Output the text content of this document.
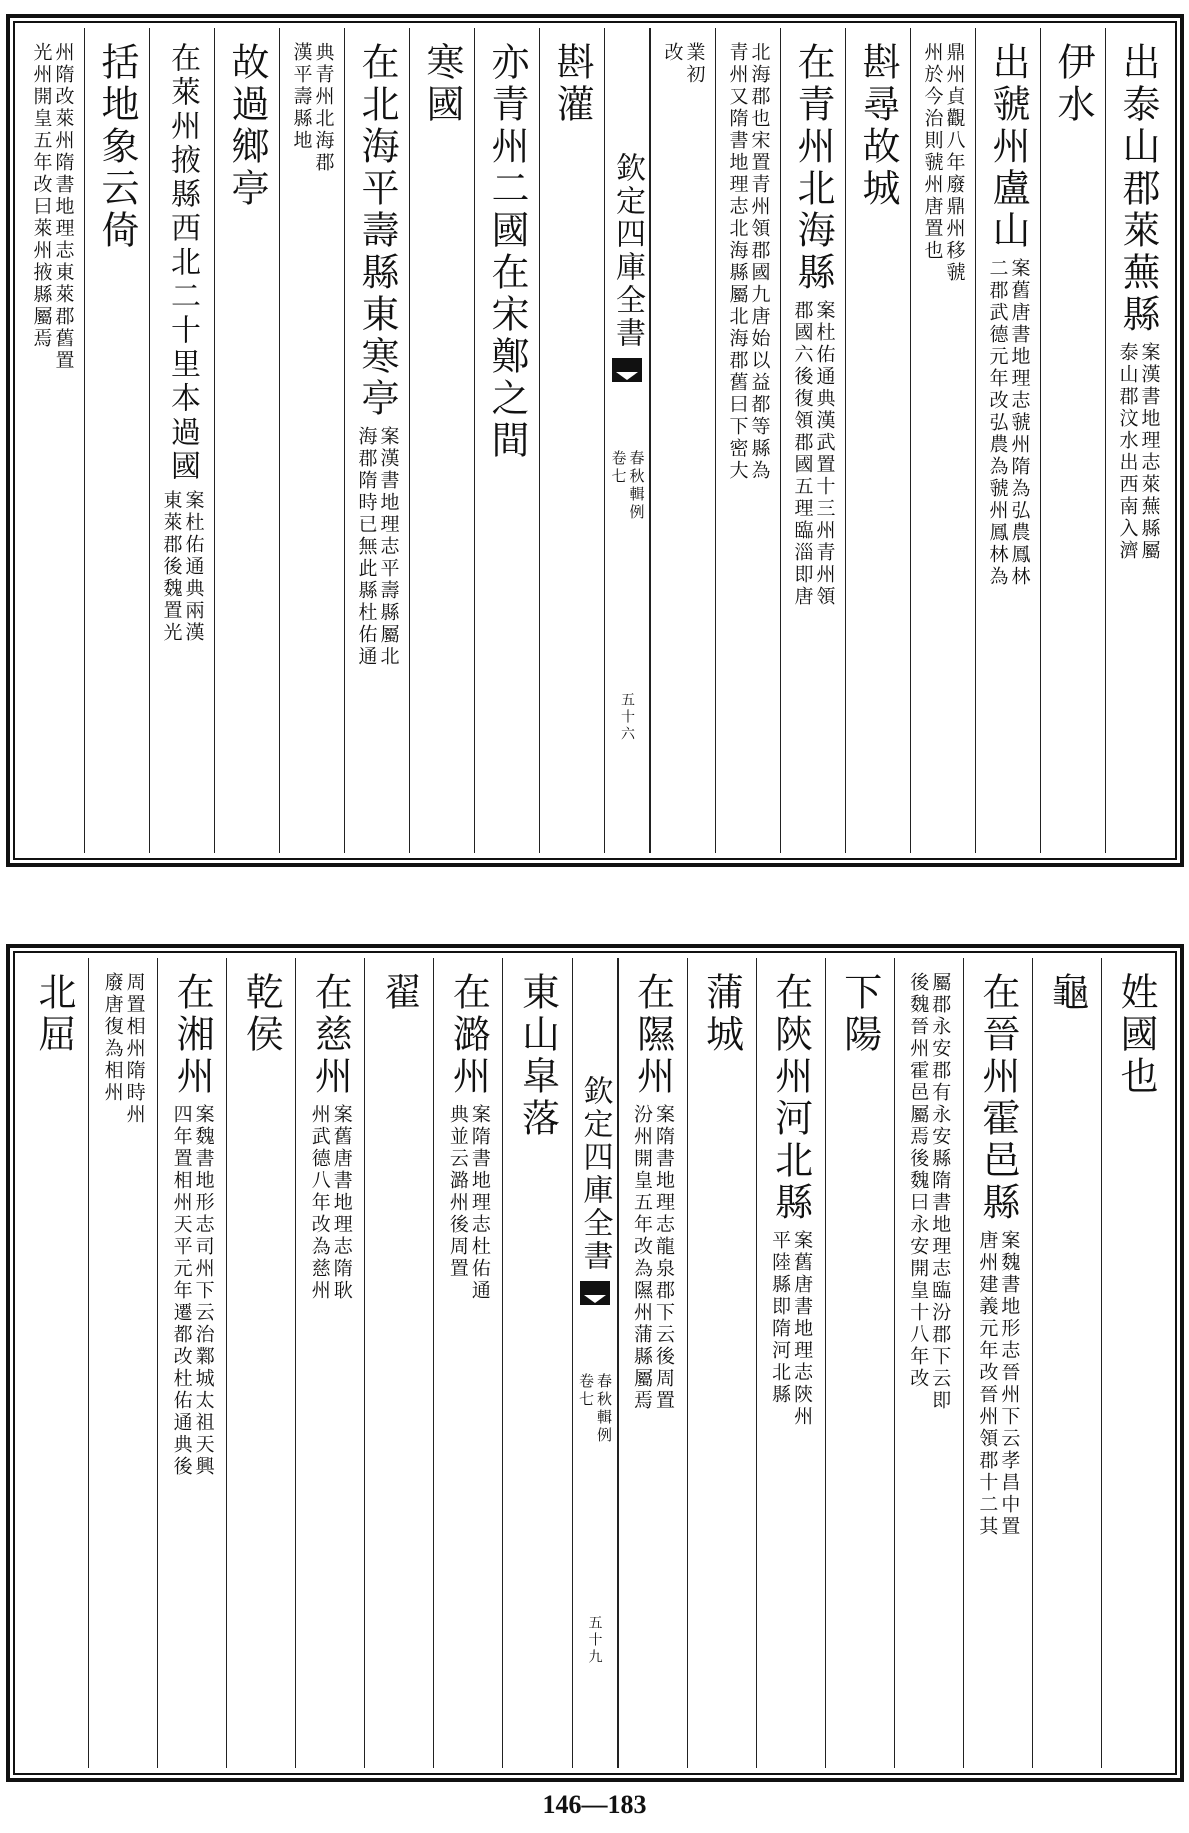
出泰山郡萊蕪縣
案漢書地理志萊蕪縣屬
泰山郡汶水出西南入濟
伊水
出虢州盧山
案舊唐書地理志虢州隋為弘農鳳林
二郡武德元年改弘農為虢州鳳林為
鼎州貞觀八年廢鼎州移虢
州於今治則虢州唐置也
斟尋故城
在青州北海縣
案杜佑通典漢武置十三州青州領
郡國六後復領郡國五理臨淄即唐
北海郡也宋置青州領郡國九唐始以益都等縣為
青州又隋書地理志北海縣屬北海郡舊曰下密大
業初
改
欽定四庫全書
春秋輯例
卷七
五十六
斟灌
亦青州二國在宋鄭之間
寒國
在北海平壽縣東寒亭
案漢書地理志平壽縣屬北
海郡隋時已無此縣杜佑通
典青州北海郡
漢平壽縣地
故過鄉亭
在萊州掖縣西北二十里本過國
案杜佑通典兩漢
東萊郡後魏置光
括地象云倚
州隋改萊州隋書地理志東萊郡舊置
光州開皇五年改曰萊州掖縣屬焉
姓國也
龜
在晉州霍邑縣
案魏書地形志晉州下云孝昌中置
唐州建義元年改晉州領郡十二其
屬郡永安郡有永安縣隋書地理志臨汾郡下云即
後魏晉州霍邑屬焉後魏曰永安開皇十八年改
下陽
在陝州河北縣
案舊唐書地理志陝州
平陸縣即隋河北縣
蒲城
在隰州
案隋書地理志龍泉郡下云後周置
汾州開皇五年改為隰州蒲縣屬焉
欽定四庫全書
春秋輯例
卷七
五十九
東山皐落
在潞州
案隋書地理志杜佑通
典並云潞州後周置
翟
在慈州
案舊唐書地理志隋耿
州武德八年改為慈州
乾侯
在湘州
案魏書地形志司州下云治鄴城太祖天興
四年置相州天平元年遷都改杜佑通典後
周置相州隋時州
廢唐復為相州
北屈
146—183
